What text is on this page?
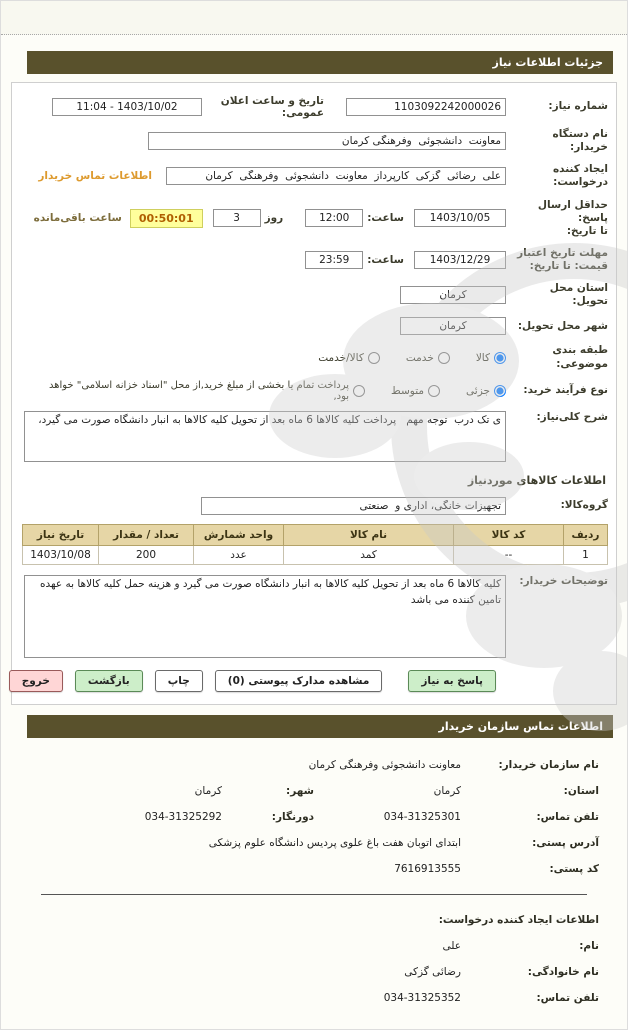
جزئیات اطلاعات نیاز
شماره نیاز:
1103092242000026
تاریخ و ساعت اعلان عمومی:
1403/10/02 - 11:04
نام دستگاه خریدار:
معاونت دانشجوئی وفرهنگی کرمان
ایجاد کننده درخواست:
علی رضائی گزکی کارپرداز معاونت دانشجوئی وفرهنگی کرمان
اطلاعات تماس خریدار
حداقل ارسال پاسخ:
تا تاریخ:
1403/10/05
ساعت:
12:00
روز
3
00:50:01
ساعت باقی‌مانده
مهلت تاریخ اعتبار
قیمت: تا تاریخ:
1403/12/29
ساعت:
23:59
استان محل تحویل:
کرمان
شهر محل تحویل:
کرمان
طبقه بندی موضوعی:
کالا
خدمت
کالا/خدمت
نوع فرآیند خرید:
جزئی
متوسط
پرداخت تمام یا بخشی از مبلغ خرید,از محل "اسناد خزانه اسلامی" خواهد بود,
شرح کلی‌نیاز:
ی تک درب توجه مهم پرداخت کلیه کالاها 6 ماه بعد از تحویل کلیه کالاها به انبار دانشگاه صورت می گیرد،
اطلاعات کالاهای موردنیاز
گروه‌کالا:
تجهیزات خانگی، اداری و صنعتی
ردیف	کد کالا	نام کالا	واحد شمارش	تعداد / مقدار	تاریخ نیاز
1	--	کمد	عدد	200	1403/10/08
توضیحات خریدار:
کلیه کالاها 6 ماه بعد از تحویل کلیه کالاها به انبار دانشگاه صورت می گیرد و هزینه حمل کلیه کالاها به عهده تامین کننده می باشد
پاسخ به نیاز
مشاهده مدارک پیوستی (0)
چاپ
بازگشت
خروج
اطلاعات تماس سازمان خریدار
نام سازمان خریدار:
معاونت دانشجوئی وفرهنگی کرمان
استان:
کرمان
شهر:
کرمان
تلفن تماس:
034-31325301
دورنگار:
034-31325292
آدرس پستی:
ابتدای اتوبان هفت باغ علوی پردیس دانشگاه علوم پزشکی
کد پستی:
7616913555
اطلاعات ایجاد کننده درخواست:
نام:
علی
نام خانوادگی:
رضائی گزکی
تلفن تماس:
034-31325352
